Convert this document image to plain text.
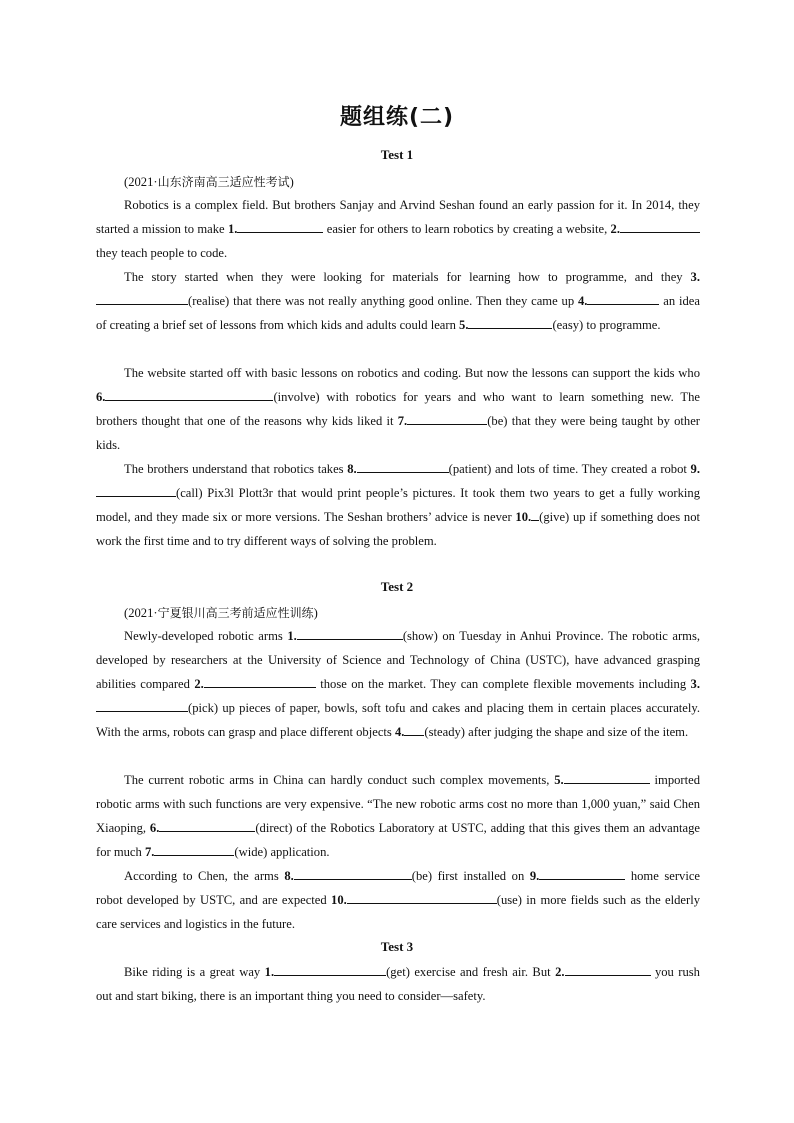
题组练(二)
Test 1
(2021·山东济南高三适应性考试)

Robotics is a complex field. But brothers Sanjay and Arvind Seshan found an early passion for it. In 2014, they started a mission to make 1.	easier for others to learn robotics by creating a website, 2. they teach people to code.

The story started when they were looking for materials for learning how to programme, and they 3.(realise) that there was not really anything good online. Then they came up 4.	an idea of creating a brief set of lessons from which kids and adults could learn 5.	(easy) to programme.

The website started off with basic lessons on robotics and coding. But now the lessons can support the kids who 6.	(involve) with robotics for years and who want to learn something new. The brothers thought that one of the reasons why kids liked it 7.	(be) that they were being taught by other kids.

The brothers understand that robotics takes 8.	(patient) and lots of time. They created a robot 9.(call) Pix3l Plott3r that would print people’s pictures. It took them two years to get a fully working model, and they made six or more versions. The Seshan brothers’ advice is never 10. (give) up if something does not work the first time and to try different ways of solving the problem.

Test 2
(2021·宁夏银川高三考前适应性训练)

Newly-developed robotic arms 1.	(show) on Tuesday in Anhui Province. The robotic arms, developed by researchers at the University of Science and Technology of China (USTC), have advanced grasping abilities compared 2.	those on the market. They can complete flexible movements including 3.(pick) up pieces of paper, bowls, soft tofu and cakes and placing them in certain places accurately. With the arms, robots can grasp and place different objects 4. (steady) after judging the shape and size of the item.

The current robotic arms in China can hardly conduct such complex movements, 5.	imported robotic arms with such functions are very expensive. “The new robotic arms cost no more than 1,000 yuan,” said Chen Xiaoping, 6.	(direct) of the Robotics Laboratory at USTC, adding that this gives them an advantage for much 7.	(wide) application.

According to Chen, the arms 8.	(be) first installed on 9.	home service robot developed by USTC, and are expected 10.	(use) in more fields such as the elderly care services and logistics in the future.

Test 3

Bike riding is a great way 1.	(get) exercise and fresh air. But 2.	you rush out and start biking, there is an important thing you need to consider—safety.
